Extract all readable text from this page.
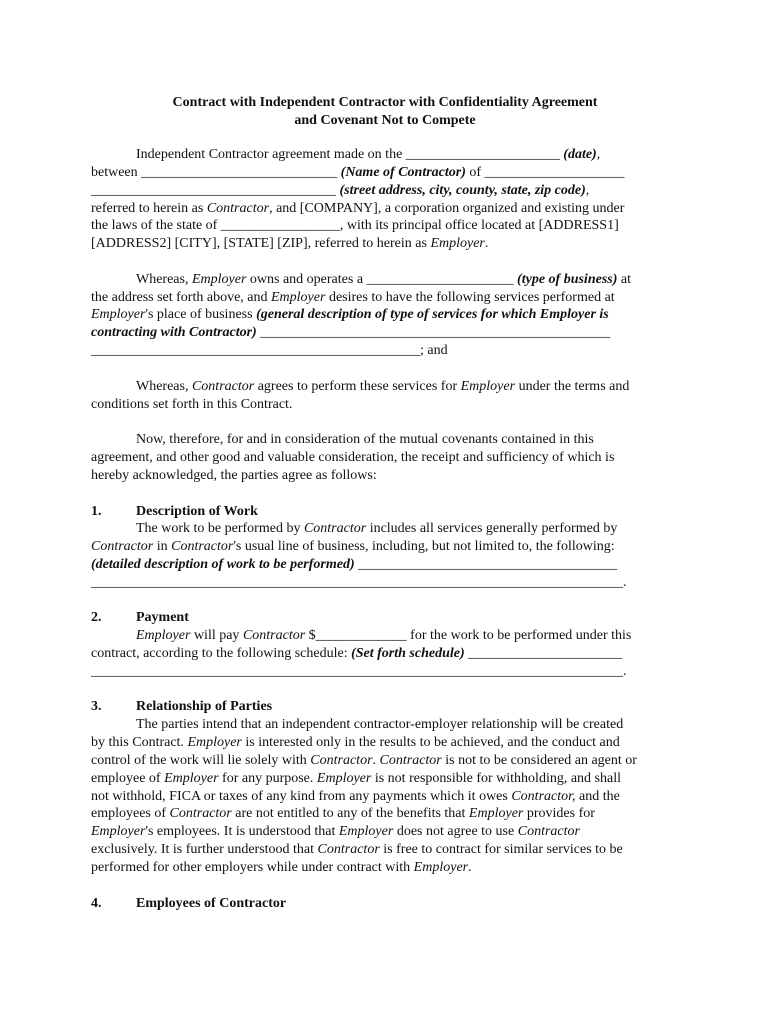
Contract with Independent Contractor with Confidentiality Agreement
and Covenant Not to Compete
Independent Contractor agreement made on the ______________________ (date),
between ____________________________ (Name of Contractor) of ____________________
___________________________________ (street address, city, county, state, zip code),
referred to herein as Contractor, and [COMPANY], a corporation organized and existing under
the laws of the state of _________________, with its principal office located at [ADDRESS1]
[ADDRESS2] [CITY], [STATE] [ZIP], referred to herein as Employer.
Whereas, Employer owns and operates a _____________________ (type of business) at
the address set forth above, and Employer desires to have the following services performed at
Employer's place of business (general description of type of services for which Employer is
contracting with Contractor) __________________________________________________
_______________________________________________; and
Whereas, Contractor agrees to perform these services for Employer under the terms and
conditions set forth in this Contract.
Now, therefore, for and in consideration of the mutual covenants contained in this
agreement, and other good and valuable consideration, the receipt and sufficiency of which is
hereby acknowledged, the parties agree as follows:
1. Description of Work
The work to be performed by Contractor includes all services generally performed by
Contractor in Contractor's usual line of business, including, but not limited to, the following:
(detailed description of work to be performed) _____________________________________
____________________________________________________________________________.
2. Payment
Employer will pay Contractor $_____________ for the work to be performed under this
contract, according to the following schedule: (Set forth schedule) ______________________
____________________________________________________________________________.
3. Relationship of Parties
The parties intend that an independent contractor-employer relationship will be created
by this Contract. Employer is interested only in the results to be achieved, and the conduct and
control of the work will lie solely with Contractor. Contractor is not to be considered an agent or
employee of Employer for any purpose. Employer is not responsible for withholding, and shall
not withhold, FICA or taxes of any kind from any payments which it owes Contractor, and the
employees of Contractor are not entitled to any of the benefits that Employer provides for
Employer's employees. It is understood that Employer does not agree to use Contractor
exclusively. It is further understood that Contractor is free to contract for similar services to be
performed for other employers while under contract with Employer.
4. Employees of Contractor
